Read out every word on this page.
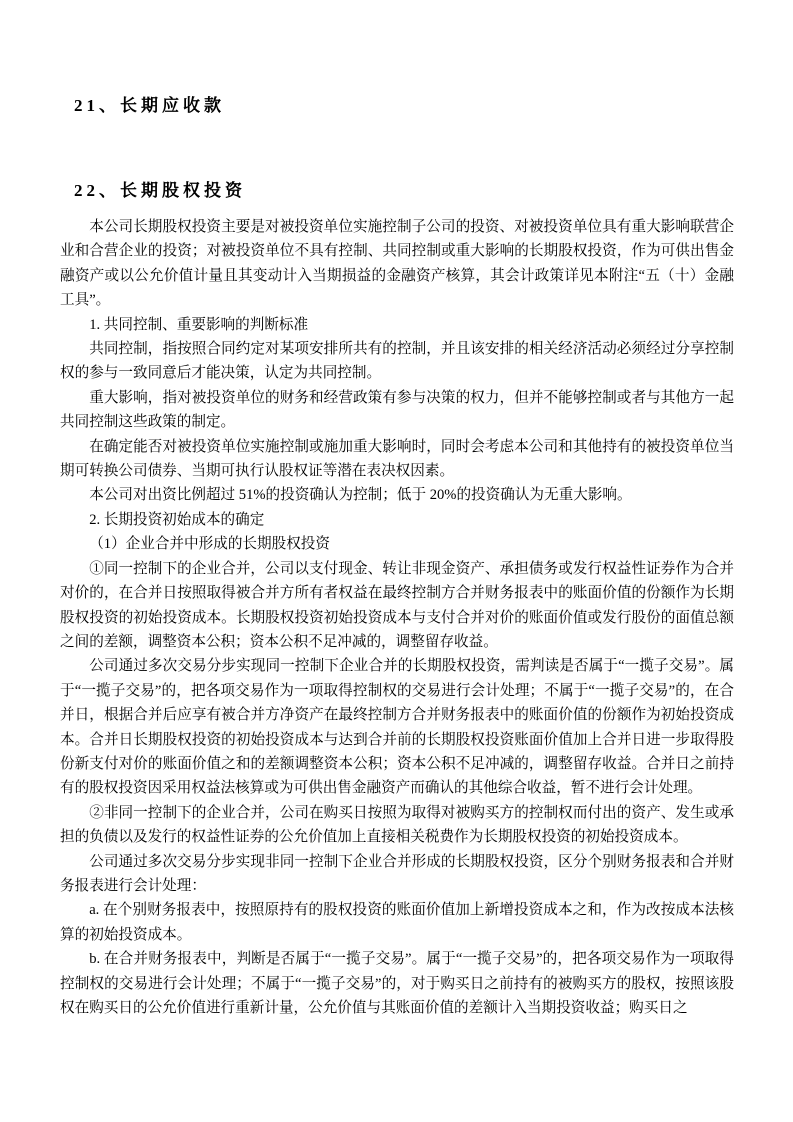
21、长期应收款
22、长期股权投资

本公司长期股权投资主要是对被投资单位实施控制子公司的投资、对被投资单位具有重大影响联营企业和合营企业的投资；对被投资单位不具有控制、共同控制或重大影响的长期股权投资，作为可供出售金融资产或以公允价值计量且其变动计入当期损益的金融资产核算，其会计政策详见本附注“五（十）金融工具”。

1. 共同控制、重要影响的判断标准

共同控制，指按照合同约定对某项安排所共有的控制，并且该安排的相关经济活动必须经过分享控制权的参与一致同意后才能决策，认定为共同控制。

重大影响，指对被投资单位的财务和经营政策有参与决策的权力，但并不能够控制或者与其他方一起共同控制这些政策的制定。

在确定能否对被投资单位实施控制或施加重大影响时，同时会考虑本公司和其他持有的被投资单位当期可转换公司债券、当期可执行认股权证等潜在表决权因素。

本公司对出资比例超过 51%的投资确认为控制；低于 20%的投资确认为无重大影响。

2. 长期投资初始成本的确定

（1）企业合并中形成的长期股权投资

①同一控制下的企业合并，公司以支付现金、转让非现金资产、承担债务或发行权益性证券作为合并对价的，在合并日按照取得被合并方所有者权益在最终控制方合并财务报表中的账面价值的份额作为长期股权投资的初始投资成本。长期股权投资初始投资成本与支付合并对价的账面价值或发行股份的面值总额之间的差额，调整资本公积；资本公积不足冲减的，调整留存收益。

公司通过多次交易分步实现同一控制下企业合并的长期股权投资，需判读是否属于“一揽子交易”。属于“一揽子交易”的，把各项交易作为一项取得控制权的交易进行会计处理；不属于“一揽子交易”的，在合并日，根据合并后应享有被合并方净资产在最终控制方合并财务报表中的账面价值的份额作为初始投资成本。合并日长期股权投资的初始投资成本与达到合并前的长期股权投资账面价值加上合并日进一步取得股份新支付对价的账面价值之和的差额调整资本公积；资本公积不足冲减的，调整留存收益。合并日之前持有的股权投资因采用权益法核算或为可供出售金融资产而确认的其他综合收益，暂不进行会计处理。

②非同一控制下的企业合并，公司在购买日按照为取得对被购买方的控制权而付出的资产、发生或承担的负债以及发行的权益性证券的公允价值加上直接相关税费作为长期股权投资的初始投资成本。

公司通过多次交易分步实现非同一控制下企业合并形成的长期股权投资，区分个别财务报表和合并财务报表进行会计处理：

a. 在个别财务报表中，按照原持有的股权投资的账面价值加上新增投资成本之和，作为改按成本法核算的初始投资成本。

b. 在合并财务报表中，判断是否属于“一揽子交易”。属于“一揽子交易”的，把各项交易作为一项取得控制权的交易进行会计处理；不属于“一揽子交易”的，对于购买日之前持有的被购买方的股权，按照该股权在购买日的公允价值进行重新计量，公允价值与其账面价值的差额计入当期投资收益；购买日之
